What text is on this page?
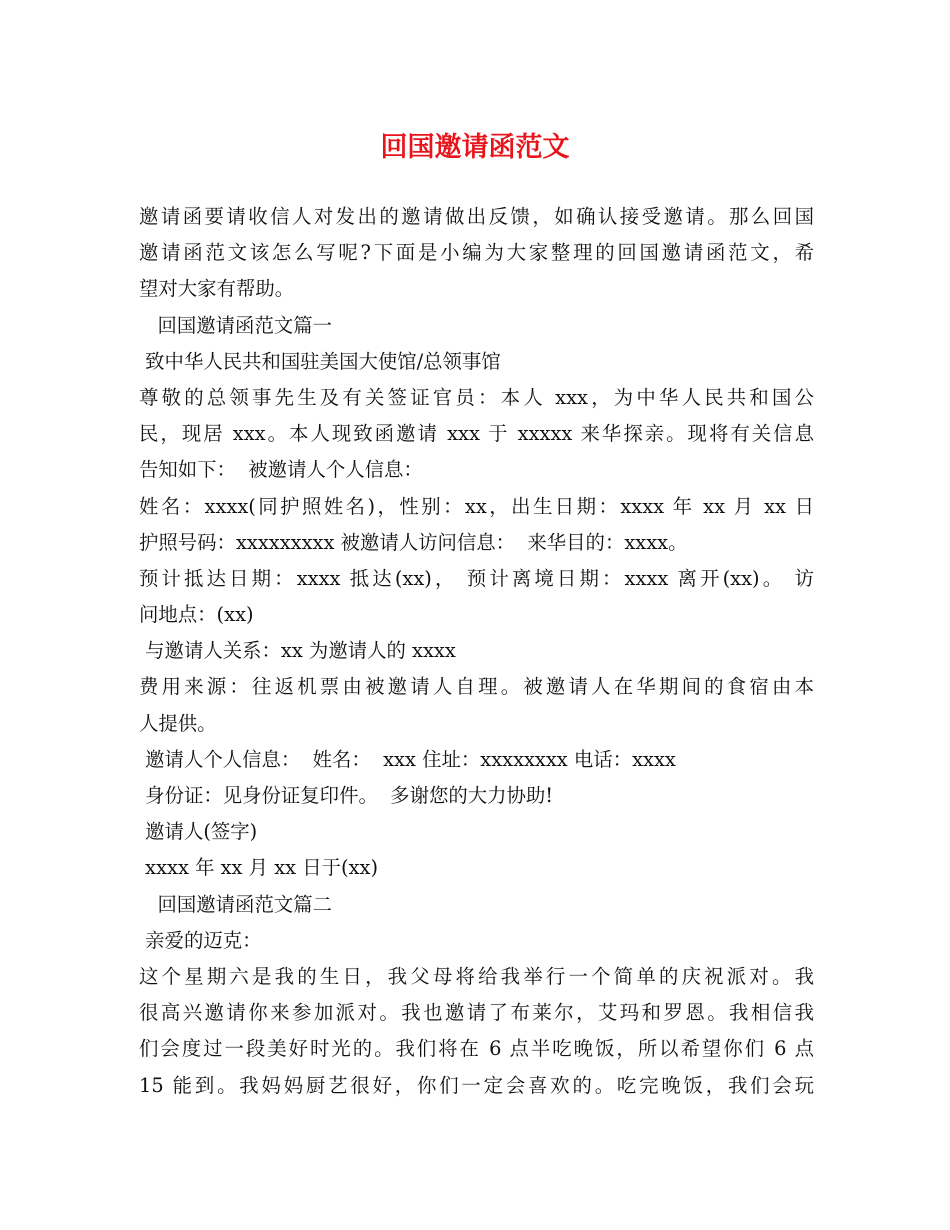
回国邀请函范文
邀请函要请收信人对发出的邀请做出反馈，如确认接受邀请。那么回国
邀请函范文该怎么写呢?下面是小编为大家整理的回国邀请函范文，希
望对大家有帮助。
回国邀请函范文篇一
致中华人民共和国驻美国大使馆/总领事馆
尊敬的总领事先生及有关签证官员：本人 xxx，为中华人民共和国公
民，现居 xxx。本人现致函邀请 xxx 于 xxxxx 来华探亲。现将有关信息
告知如下：  被邀请人个人信息：
姓名：xxxx(同护照姓名)，性别：xx，出生日期：xxxx 年 xx 月 xx 日
护照号码：xxxxxxxxx 被邀请人访问信息：  来华目的：xxxx。
预计抵达日期：xxxx 抵达(xx)， 预计离境日期：xxxx 离开(xx)。 访
问地点：(xx)
与邀请人关系：xx 为邀请人的 xxxx
费用来源：往返机票由被邀请人自理。被邀请人在华期间的食宿由本
人提供。
邀请人个人信息：  姓名：  xxx 住址：xxxxxxxx 电话：xxxx
身份证：见身份证复印件。  多谢您的大力协助!
邀请人(签字)
xxxx 年 xx 月 xx 日于(xx)
回国邀请函范文篇二
亲爱的迈克：
这个星期六是我的生日，我父母将给我举行一个简单的庆祝派对。我
很高兴邀请你来参加派对。我也邀请了布莱尔，艾玛和罗恩。我相信我
们会度过一段美好时光的。我们将在 6 点半吃晚饭，所以希望你们 6 点
15 能到。我妈妈厨艺很好，你们一定会喜欢的。吃完晚饭，我们会玩
